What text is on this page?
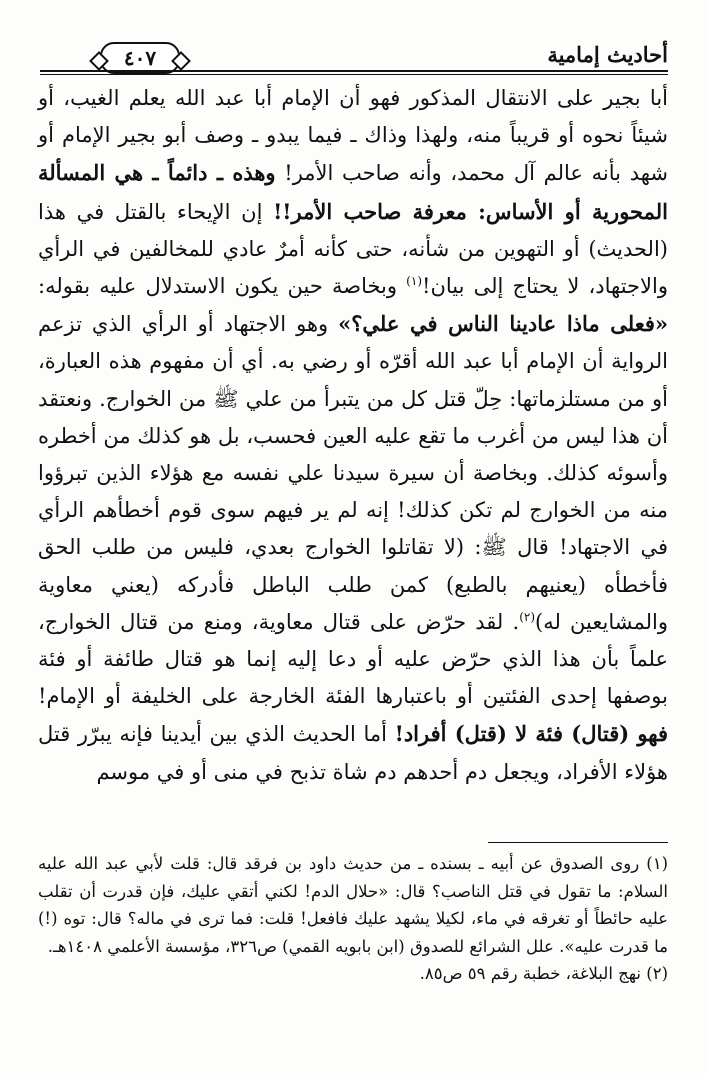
أحاديث إمامية
٤٠٧

أبا بجير على الانتقال المذكور فهو أن الإمام أبا عبد الله يعلم الغيب، أو شيئاً نحوه أو قريباً منه، ولهذا وذاك ـ فيما يبدو ـ وصف أبو بجير الإمام أو شهد بأنه عالم آل محمد، وأنه صاحب الأمر! وهذه ـ دائماً ـ هي المسألة المحورية أو الأساس: معرفة صاحب الأمر!! إن الإيحاء بالقتل في هذا (الحديث) أو التهوين من شأنه، حتى كأنه أمرٌ عادي للمخالفين في الرأي والاجتهاد، لا يحتاج إلى بيان!$^{(١)}$ وبخاصة حين يكون الاستدلال عليه بقوله: «فعلى ماذا عادينا الناس في علي؟» وهو الاجتهاد أو الرأي الذي تزعم الرواية أن الإمام أبا عبد الله أقرّه أو رضي به. أي أن مفهوم هذه العبارة، أو من مستلزماتها: حِلّ قتل كل من يتبرأ من علي ﷺ من الخوارج. ونعتقد أن هذا ليس من أغرب ما تقع عليه العين فحسب، بل هو كذلك من أخطره وأسوئه كذلك. وبخاصة أن سيرة سيدنا علي نفسه مع هؤلاء الذين تبرؤوا منه من الخوارج لم تكن كذلك! إنه لم ير فيهم سوى قوم أخطأهم الرأي في الاجتهاد! قال ﷺ: (لا تقاتلوا الخوارج بعدي، فليس من طلب الحق فأخطأه (يعنيهم بالطبع) كمن طلب الباطل فأدركه (يعني معاوية والمشايعين له)$^{(٢)}$. لقد حرّض على قتال معاوية، ومنع من قتال الخوارج، علماً بأن هذا الذي حرّض عليه أو دعا إليه إنما هو قتال طائفة أو فئة بوصفها إحدى الفئتين أو باعتبارها الفئة الخارجة على الخليفة أو الإمام! فهو (قتال) فئة لا (قتل) أفراد! أما الحديث الذي بين أيدينا فإنه يبرّر قتل هؤلاء الأفراد، ويجعل دم أحدهم دم شاة تذبح في منى أو في موسم

(١) روى الصدوق عن أبيه ـ بسنده ـ من حديث داود بن فرقد قال: قلت لأبي عبد الله عليه السلام: ما تقول في قتل الناصب؟ قال: «حلال الدم! لكني أتقي عليك، فإن قدرت أن تقلب عليه حائطاً أو تغرقه في ماء، لكيلا يشهد عليك فافعل! قلت: فما ترى في ماله؟ قال: توه (!) ما قدرت عليه». علل الشرائع للصدوق (ابن بابويه القمي) ص٣٢٦، مؤسسة الأعلمي ١٤٠٨هـ.

(٢) نهج البلاغة، خطبة رقم ٥٩ ص٨٥.
